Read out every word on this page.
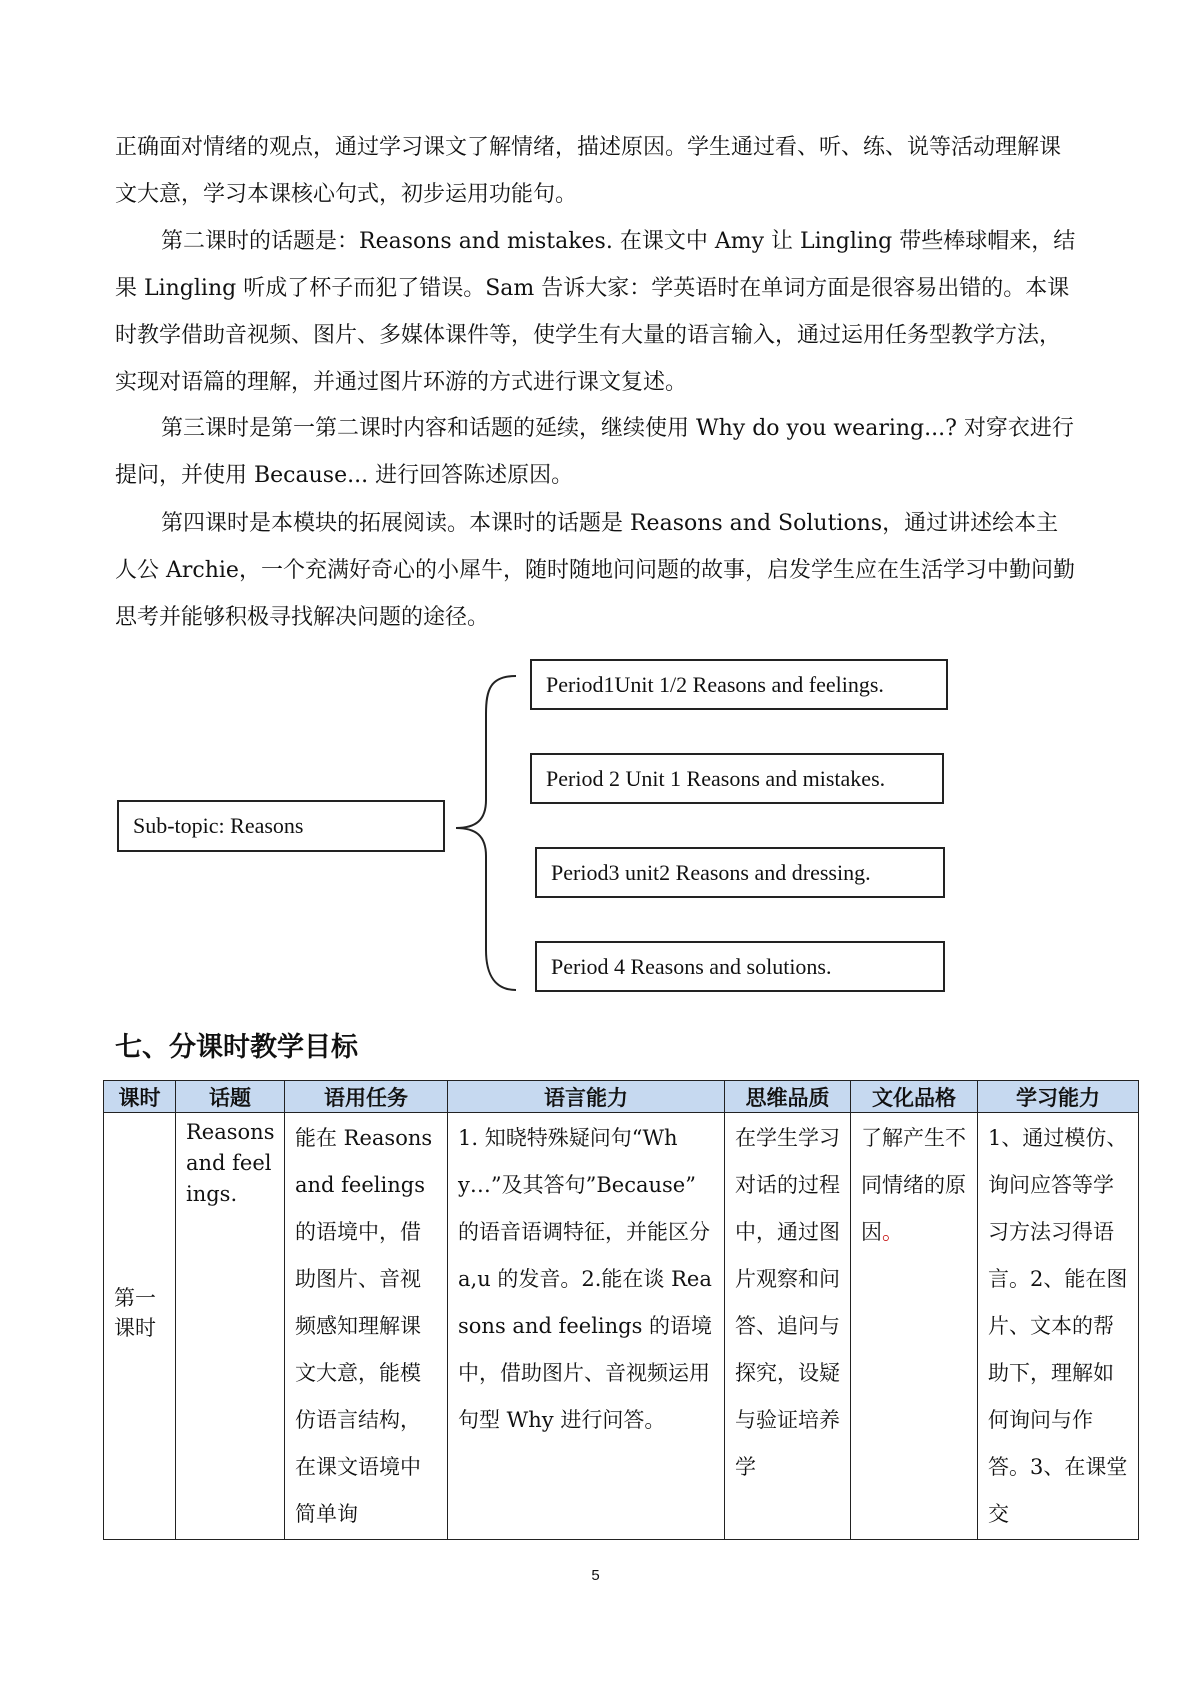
正确面对情绪的观点，通过学习课文了解情绪，描述原因。学生通过看、听、练、说等活动理解课文大意，学习本课核心句式，初步运用功能句。

第二课时的话题是：Reasons and mistakes. 在课文中 Amy 让 Lingling 带些棒球帽来，结果 Lingling 听成了杯子而犯了错误。Sam 告诉大家：学英语时在单词方面是很容易出错的。本课时教学借助音视频、图片、多媒体课件等，使学生有大量的语言输入，通过运用任务型教学方法，实现对语篇的理解，并通过图片环游的方式进行课文复述。

第三课时是第一第二课时内容和话题的延续，继续使用 Why do you wearing...? 对穿衣进行提问，并使用 Because... 进行回答陈述原因。

第四课时是本模块的拓展阅读。本课时的话题是 Reasons and Solutions，通过讲述绘本主人公 Archie，一个充满好奇心的小犀牛，随时随地问问题的故事，启发学生应在生活学习中勤问勤思考并能够积极寻找解决问题的途径。

Sub-topic: Reasons
Period1Unit 1/2 Reasons and feelings.
Period 2 Unit 1 Reasons and mistakes.
Period3 unit2 Reasons and dressing.
Period 4 Reasons and solutions.
七、分课时教学目标
课时	话题	语用任务	语言能力	思维品质	文化品格	学习能力

第一课时	Reasons and feelings.	能在 Reasons and feelings 的语境中，借助图片、音视频感知理解课文大意，能模仿语言结构，在课文语境中简单询	1. 知晓特殊疑问句“Why…”及其答句”Because” 的语音语调特征，并能区分 a,u 的发音。2.能在谈 Reasons and feelings 的语境中，借助图片、音视频运用句型 Why 进行问答。	在学生学习对话的过程中，通过图片观察和问答、追问与探究，设疑与验证培养学	了解产生不同情绪的原因。	1、通过模仿、询问应答等学习方法习得语言。2、能在图片、文本的帮助下，理解如何询问与作答。3、在课堂交
5
